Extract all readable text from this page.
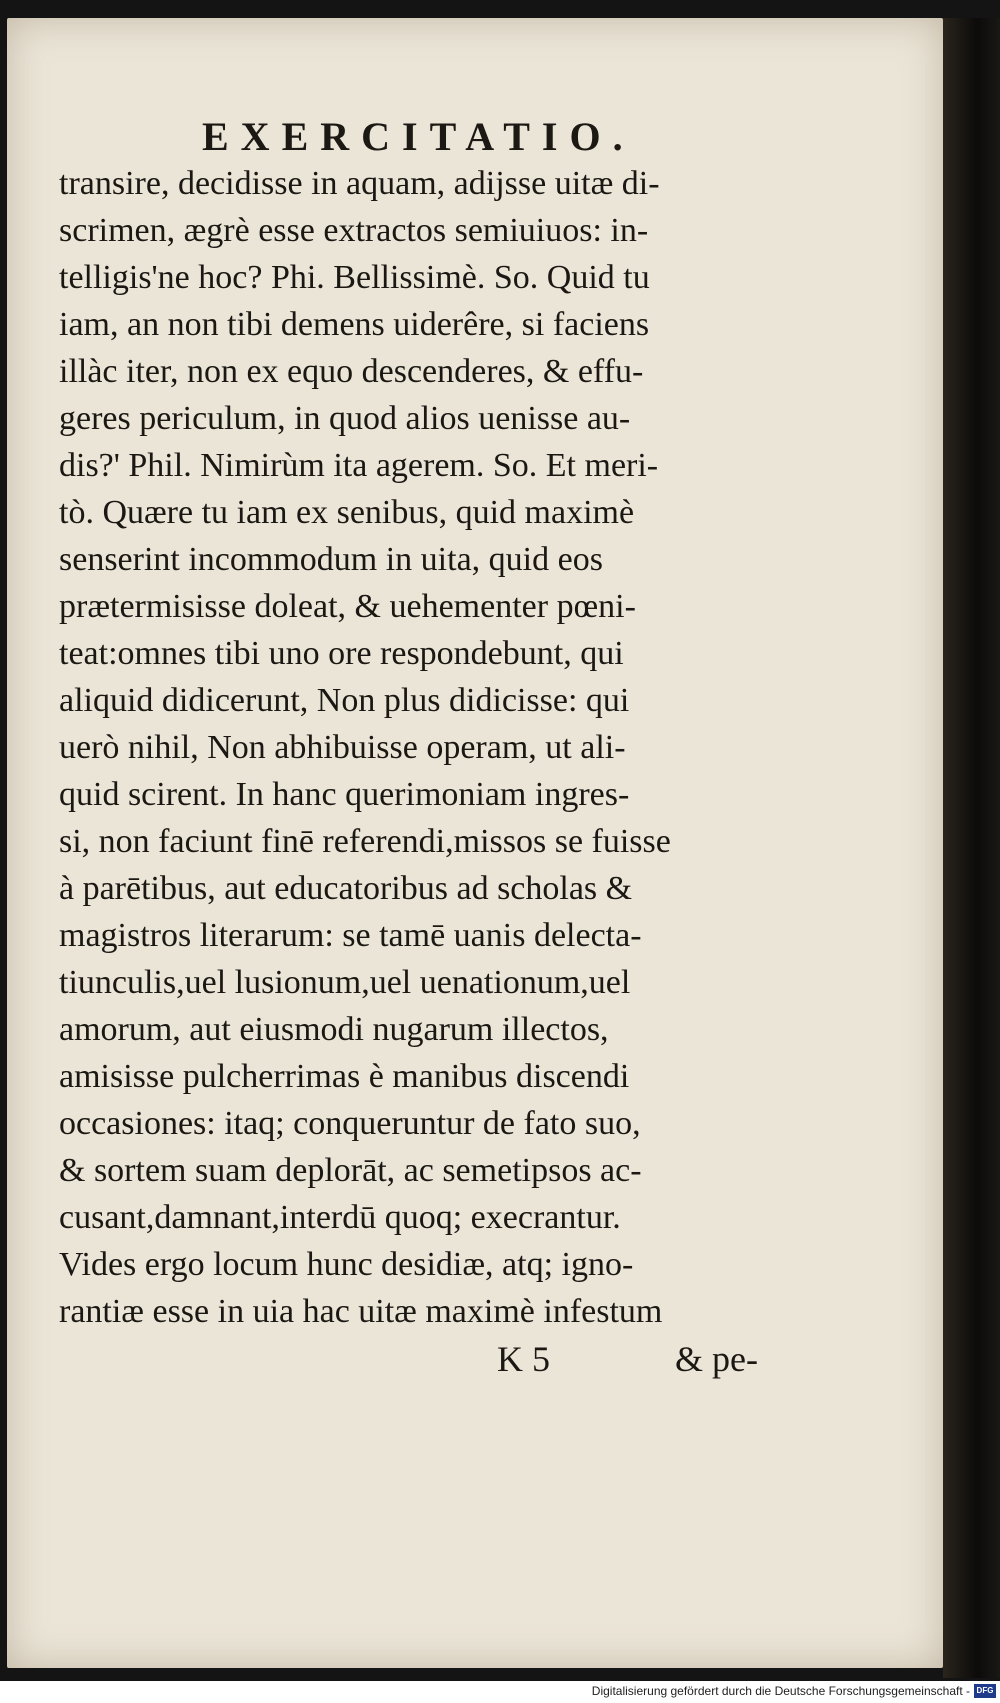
EXERCITATIO.
transire, decidisse in aquam, adijsse uitæ di-
scrimen, ægrè esse extractos semiuiuos: in-
telligis'ne hoc? Phi. Bellissimè. So. Quid tu
iam, an non tibi demens uiderêre, si faciens
illàc iter, non ex equo descenderes, & effu-
geres periculum, in quod alios uenisse au-
dis?' Phil. Nimirùm ita agerem. So. Et meri-
tò. Quære tu iam ex senibus, quid maximè
senserint incommodum in uita, quid eos
prætermisisse doleat, & uehementer pœni-
teat:omnes tibi uno ore respondebunt, qui
aliquid didicerunt, Non plus didicisse: qui
uerò nihil, Non abhibuisse operam, ut ali-
quid scirent. In hanc querimoniam ingres-
si, non faciunt finē referendi,missos se fuisse
à parētibus, aut educatoribus ad scholas &
magistros literarum: se tamē uanis delecta-
tiunculis,uel lusionum,uel uenationum,uel
amorum, aut eiusmodi nugarum illectos,
amisisse pulcherrimas è manibus discendi
occasiones: itaq; conqueruntur de fato suo,
& sortem suam deplorāt, ac semetipsos ac-
cusant,damnant,interdū quoq; execrantur.
Vides ergo locum hunc desidiæ, atq; igno-
rantiæ esse in uia hac uitæ maximè infestum
K 5	& pe-
Digitalisierung gefördert durch die Deutsche Forschungsgemeinschaft - DFG
